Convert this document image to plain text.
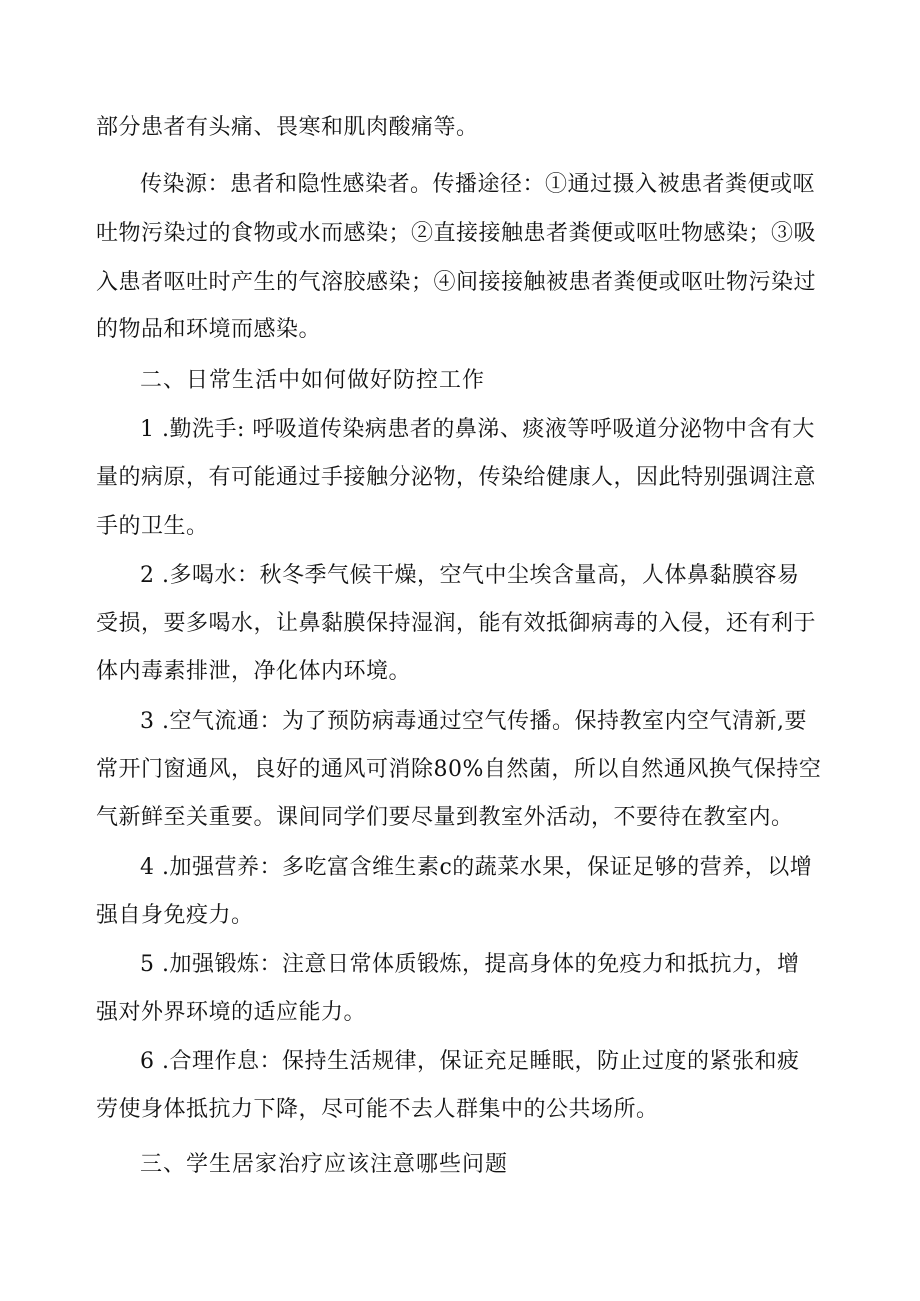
部分患者有头痛、畏寒和肌肉酸痛等。
传染源：患者和隐性感染者。传播途径：①通过摄入被患者粪便或呕
吐物污染过的食物或水而感染；②直接接触患者粪便或呕吐物感染；③吸
入患者呕吐时产生的气溶胶感染；④间接接触被患者粪便或呕吐物污染过
的物品和环境而感染。
二、日常生活中如何做好防控工作
1 .勤洗手: 呼吸道传染病患者的鼻涕、痰液等呼吸道分泌物中含有大
量的病原，有可能通过手接触分泌物，传染给健康人，因此特别强调注意
手的卫生。
2 .多喝水：秋冬季气候干燥，空气中尘埃含量高，人体鼻黏膜容易
受损，要多喝水，让鼻黏膜保持湿润，能有效抵御病毒的入侵，还有利于
体内毒素排泄，净化体内环境。
3 .空气流通：为了预防病毒通过空气传播。保持教室内空气清新,要
常开门窗通风，良好的通风可消除80%自然菌，所以自然通风换气保持空
气新鲜至关重要。课间同学们要尽量到教室外活动，不要待在教室内。
4 .加强营养：多吃富含维生素c的蔬菜水果，保证足够的营养，以增
强自身免疫力。
5 .加强锻炼：注意日常体质锻炼，提高身体的免疫力和抵抗力，增
强对外界环境的适应能力。
6 .合理作息：保持生活规律，保证充足睡眠，防止过度的紧张和疲
劳使身体抵抗力下降，尽可能不去人群集中的公共场所。
三、学生居家治疗应该注意哪些问题
